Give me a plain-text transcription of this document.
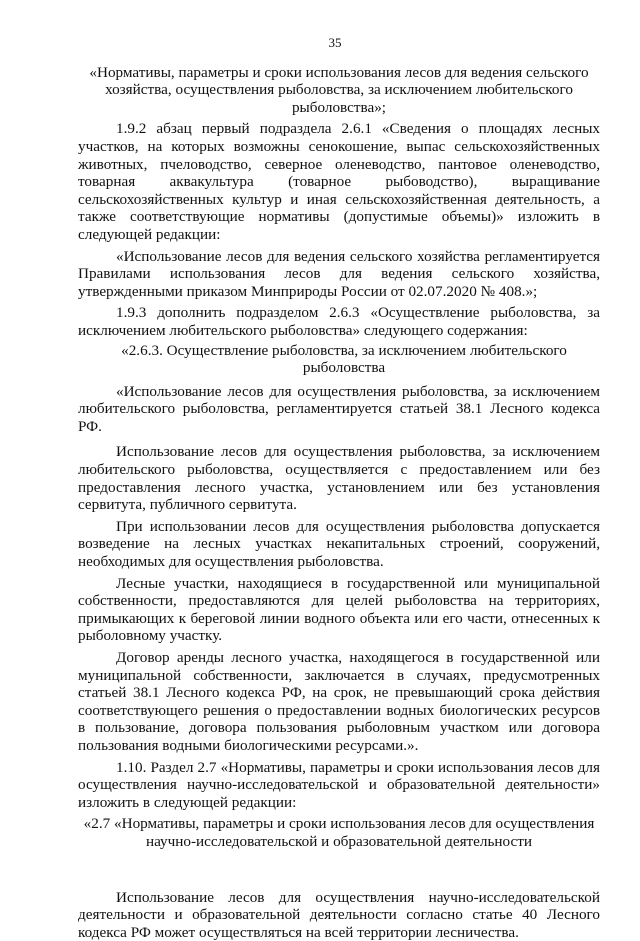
35

«Нормативы, параметры и сроки использования лесов для ведения сельского хозяйства, осуществления рыболовства, за исключением любительского рыболовства»;

1.9.2 абзац первый подраздела 2.6.1 «Сведения о площадях лесных участков, на которых возможны сенокошение, выпас сельскохозяйственных животных, пчеловодство, северное оленеводство, пантовое оленеводство, товарная аквакультура (товарное рыбоводство), выращивание сельскохозяйственных культур и иная сельскохозяйственная деятельность, а также соответствующие нормативы (допустимые объемы)» изложить в следующей редакции:

«Использование лесов для ведения сельского хозяйства регламентируется Правилами использования лесов для ведения сельского хозяйства, утвержденными приказом Минприроды России от 02.07.2020 № 408.»;

1.9.3 дополнить подразделом 2.6.3 «Осуществление рыболовства, за исключением любительского рыболовства» следующего содержания:

«2.6.3. Осуществление рыболовства, за исключением любительского рыболовства

«Использование лесов для осуществления рыболовства, за исключением любительского рыболовства, регламентируется статьей 38.1 Лесного кодекса РФ.

Использование лесов для осуществления рыболовства, за исключением любительского рыболовства, осуществляется с предоставлением или без предоставления лесного участка, установлением или без установления сервитута, публичного сервитута.

При использовании лесов для осуществления рыболовства допускается возведение на лесных участках некапитальных строений, сооружений, необходимых для осуществления рыболовства.

Лесные участки, находящиеся в государственной или муниципальной собственности, предоставляются для целей рыболовства на территориях, примыкающих к береговой линии водного объекта или его части, отнесенных к рыболовному участку.

Договор аренды лесного участка, находящегося в государственной или муниципальной собственности, заключается в случаях, предусмотренных статьей 38.1 Лесного кодекса РФ, на срок, не превышающий срока действия соответствующего решения о предоставлении водных биологических ресурсов в пользование, договора пользования рыболовным участком или договора пользования водными биологическими ресурсами.».

1.10. Раздел 2.7 «Нормативы, параметры и сроки использования лесов для осуществления научно-исследовательской и образовательной деятельности» изложить в следующей редакции:

«2.7 «Нормативы, параметры и сроки использования лесов для осуществления научно-исследовательской и образовательной деятельности

Использование лесов для осуществления научно-исследовательской деятельности и образовательной деятельности согласно статье 40 Лесного кодекса РФ может осуществляться на всей территории лесничества.
